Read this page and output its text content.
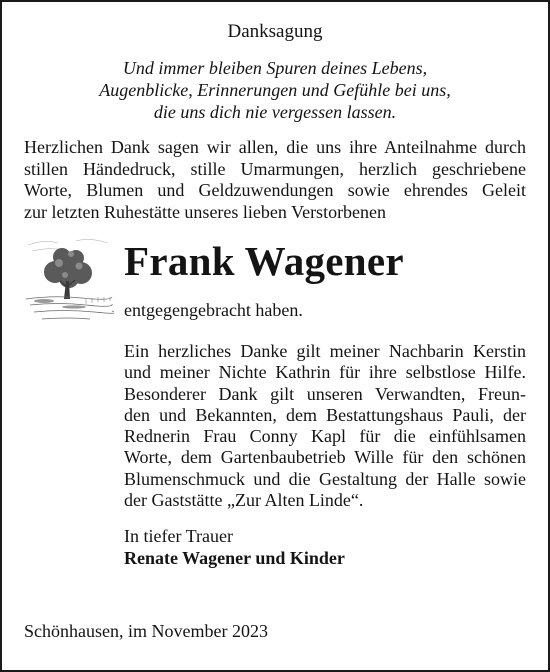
Danksagung
Und immer bleiben Spuren deines Lebens,
Augenblicke, Erinnerungen und Gefühle bei uns,
die uns dich nie vergessen lassen.
Herzlichen Dank sagen wir allen, die uns ihre Anteilnahme durch
stillen Händedruck, stille Umarmungen, herzlich geschriebene
Worte, Blumen und Geldzuwendungen sowie ehrendes Geleit
zur letzten Ruhestätte unseres lieben Verstorbenen
Frank Wagener
entgegengebracht haben.
Ein herzliches Danke gilt meiner Nachbarin Kerstin
und meiner Nichte Kathrin für ihre selbstlose Hilfe.
Besonderer Dank gilt unseren Verwandten, Freun-
den und Bekannten, dem Bestattungshaus Pauli, der
Rednerin Frau Conny Kapl für die einfühlsamen
Worte, dem Gartenbaubetrieb Wille für den schönen
Blumenschmuck und die Gestaltung der Halle sowie
der Gaststätte „Zur Alten Linde“.
In tiefer Trauer
Renate Wagener und Kinder
Schönhausen, im November 2023
